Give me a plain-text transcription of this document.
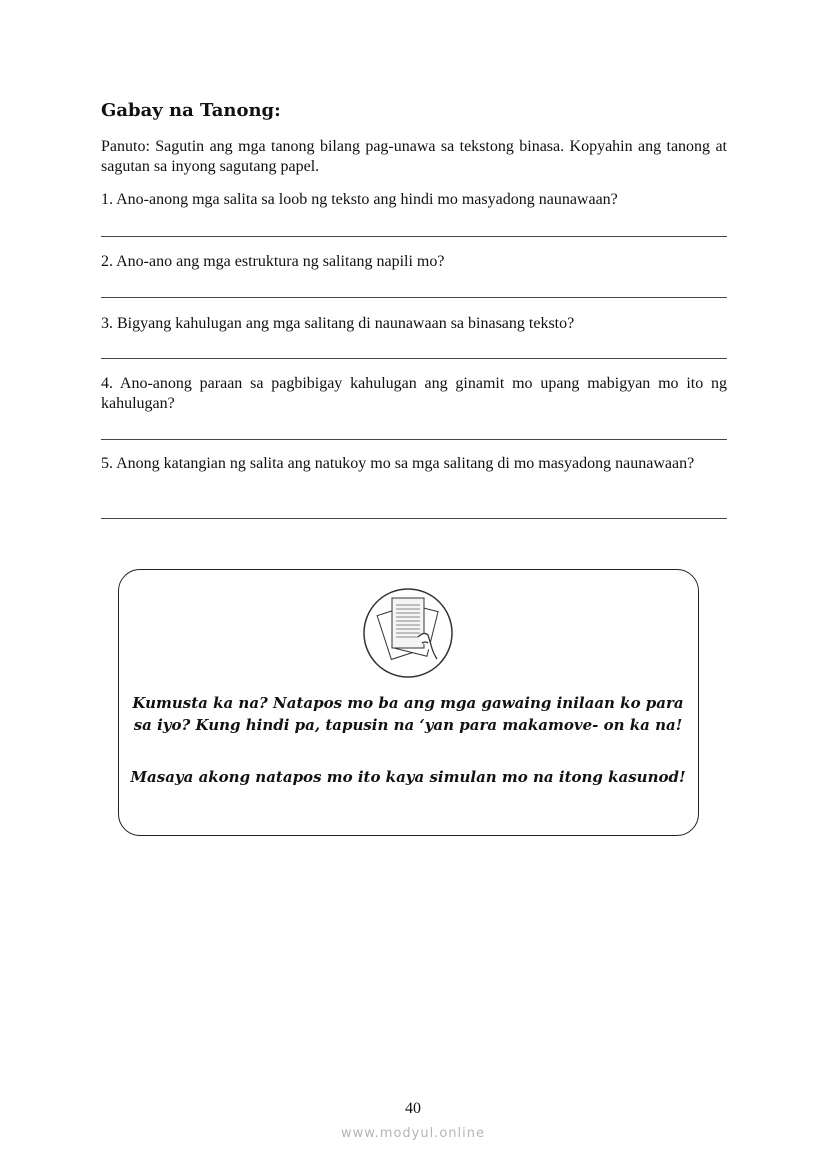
Gabay na Tanong:
Panuto: Sagutin ang mga tanong bilang pag-unawa sa tekstong binasa. Kopyahin ang tanong at sagutan sa inyong sagutang papel.
1. Ano-anong mga salita sa loob ng teksto ang hindi mo masyadong naunawaan?
2. Ano-ano ang mga estruktura ng salitang napili mo?
3. Bigyang kahulugan ang mga salitang di naunawaan sa binasang teksto?
4. Ano-anong paraan sa pagbibigay kahulugan ang ginamit mo upang mabigyan mo ito ng kahulugan?
5. Anong katangian ng salita ang natukoy mo sa mga salitang di mo masyadong naunawaan?
Kumusta ka na? Natapos mo ba ang mga gawaing inilaan ko para sa iyo? Kung hindi pa, tapusin na ‘yan para makamove- on ka na!
Masaya akong natapos mo ito kaya simulan mo na itong kasunod!
40
www.modyul.online
